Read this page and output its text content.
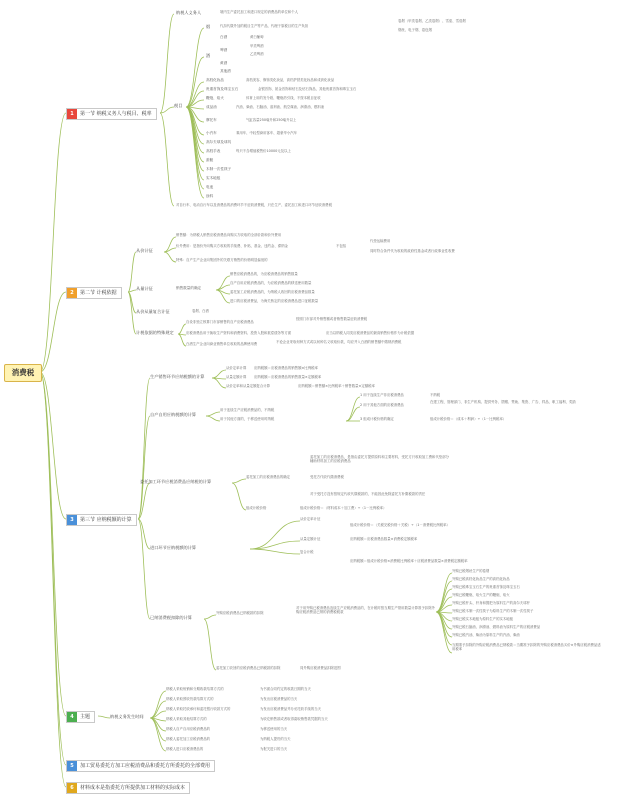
消费税
1 第一节 纳税义务人与税目、税率
2 第二节 计税依据
3 第三节 应纳税额的计算
4 主题
5 加工贸易委托方加工应税消费品和委托方所委托的全部费用
6 材料成本是指委托方所提供加工材料的实际成本
纳税人义务人	境内生产委托加工和进口规定的消费品的单位和个人
烟	代扣代缴外加的税目生产等产品，代理于原税目的生产负担
卷烟（甲类卷烟、乙类卷烟）、雪茄、雪茄烟
烟丝、电子烟、卷包烟
酒
白酒	黄白葡萄
啤酒
甲类啤酒
乙类啤酒
黄酒
其他酒
高档化妆品	高档美容、修饰类化妆品，高档护肤类化妆品和成套化妆品
贵重首饰及珠宝玉石	金银首饰、铂金首饰和钻石及钻石饰品，其他贵重首饰和珠宝玉石
鞭炮、焰火	体育上用的发令纸、鞭炮药引线，不按本税目征收
成品油	汽油、柴油、石脑油、溶剂油、航空煤油、润滑油、燃料油
税目
摩托车	气缸容量250毫升和250毫升以上
小汽车	乘用车、中轻型商用客车、超豪华小汽车
高尔夫球及球具
高档手表	每只不含增值税售价10000元及以上
游艇
木制一次性筷子
实木地板
电池
涂料
对自行车、电动自行车以及消费品的消费环节不征收消费税，只在生产、委托加工和进口环节征收消费税
从价计征
销售额：为纳税人销售应税消费品向购买方收取的全部价款和价外费用
价外费用：是指价外向购买方收取的手续费、补贴、基金、违约金、滞纳金	不包括
代垫运输费用
同时符合条件代为收取的政府性基金或者行政事业性收费
特殊：自产生产企业向集团外的关联方销售的价格明显偏低的
从量计征	销售数量的确定
销售应税消费品的，为应税消费品的销售数量
自产自用应税消费品的，为应税消费品的移送使用数量
委托加工应税消费品的，为纳税人收回的应税消费品数量
进口的应税消费品，为海关核定的应税消费品进口征税数量
从价从量复合计征	卷烟、白酒
计税依据的特殊规定
自设非独立核算门市部销售的自产应税消费品
按照门市部对外销售额或者销售数量征收消费税
应税消费品用于换取生产资料和消费资料、投资入股和抵偿债务等方面	应当以纳税人同类应税消费品的最高销售价格作为计税依据
白酒生产企业向商业销售单位收取的品牌使用费	不论企业采取何种方式或以何种名义收取价款，均应并入白酒的销售额中缴纳消费税
生产销售环节应纳税额的计算
从价定率计算 应纳税额＝应税消费品的销售额×比例税率
从量定额计算 应纳税额＝应税消费品的销售数量×定额税率
从价定率和从量定额复合计算	应纳税额＝销售额×比例税率＋销售数量×定额税率
自产自用应纳税额的计算
用于连续生产应税消费品的，不纳税
用于其他方面的，于移送使用时纳税
1 用于连续生产非应税消费品	不纳税
2 用于其他方面的应税消费品
在建工程、管理部门、非生产机构、提供劳务、馈赠、赞助、集资、广告、样品、职工福利、奖励
3 组成计税价格的确定	组成计税价格＝（成本＋利润）÷（1－比例税率）
委托加工环节应税消费品应纳税的计算
委托加工的应税消费品的确定
委托加工的应税消费品，是指由委托方提供原料和主要材料，受托方只收取加工费和代垫部分辅助材料加工的应税消费品
受托方代收代缴消费税
对于受托方没有按规定代收代缴税款的，不能因此免除委托方补缴税款的责任
组成计税价格	组成计税价格＝（材料成本＋加工费）÷（1－比例税率）
进口环节应纳税额的计算
从价定率计征
组成计税价格＝（关税完税价格＋关税）÷（1－消费税比例税率）
从量定额计征	应纳税额＝应税消费品数量×消费税定额税率
复合计税
应纳税额＝组成计税价格×消费税比例税率＋应税消费品数量×消费税定额税率
已纳消费税扣除的计算
外购应税消费品已纳税款的扣除
对于用外购已税消费品连续生产应税消费品的，在计税时按当期生产领用数量计算准予扣除外购应税消费品已纳的消费税税款
外购已税烟丝生产的卷烟
外购已税高档化妆品生产的高档化妆品
外购已税珠宝玉石生产的贵重首饰及珠宝玉石
外购已税鞭炮、焰火生产的鞭炮、焰火
外购已税杆头、杆身和握把为原料生产的高尔夫球杆
外购已税木制一次性筷子为原料生产的木制一次性筷子
外购已税实木地板为原料生产的实木地板
外购已税石脑油、润滑油、燃料油为原料生产的应税消费品
外购已税汽油、柴油为原料生产的汽油、柴油
当期准予扣除的外购应税消费品已纳税款＝当期准予扣除的外购应税消费品买价×外购应税消费品适用税率
委托加工收回的应税消费品已纳税款的扣除	同外购应税消费品扣除范围
纳税义务发生时间
纳税人采取赊销和分期收款结算方式的	为书面合同约定的收款日期的当天
纳税人采取预收货款结算方式的	为发出应税消费品的当天
纳税人采取托收承付和委托银行收款方式的	为发出应税消费品并办妥托收手续的当天
纳税人采取其他结算方式的	为收讫销售款或者取得索取销售款凭据的当天
纳税人自产自用应税消费品的	为移送使用的当天
纳税人委托加工应税消费品的	为纳税人提货的当天
纳税人进口应税消费品的	为报关进口的当天
